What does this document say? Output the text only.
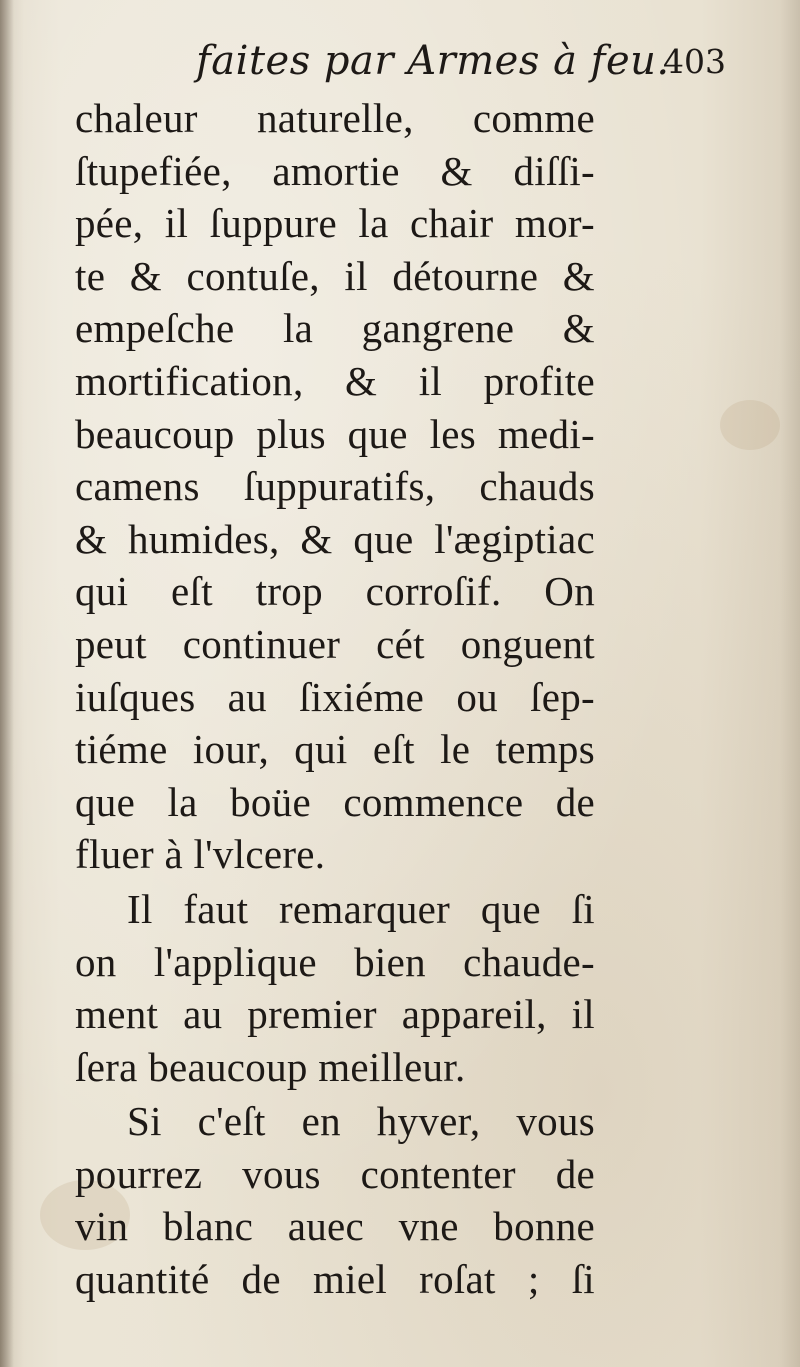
faites par Armes à feu.
403
chaleur naturelle, comme
ſtupefiée, amortie & diſſi-
pée, il ſuppure la chair mor-
te & contuſe, il détourne &
empeſche la gangrene &
mortification, & il profite
beaucoup plus que les medi-
camens ſuppuratifs, chauds
& humides, & que l'ægiptiac
qui eſt trop corroſif. On
peut continuer cét onguent
iuſques au ſixiéme ou ſep-
tiéme iour, qui eſt le temps
que la boüe commence de
fluer à l'vlcere.
Il faut remarquer que ſi
on l'applique bien chaude-
ment au premier appareil, il
ſera beaucoup meilleur.
Si c'eſt en hyver, vous
pourrez vous contenter de
vin blanc auec vne bonne
quantité de miel roſat ; ſi
